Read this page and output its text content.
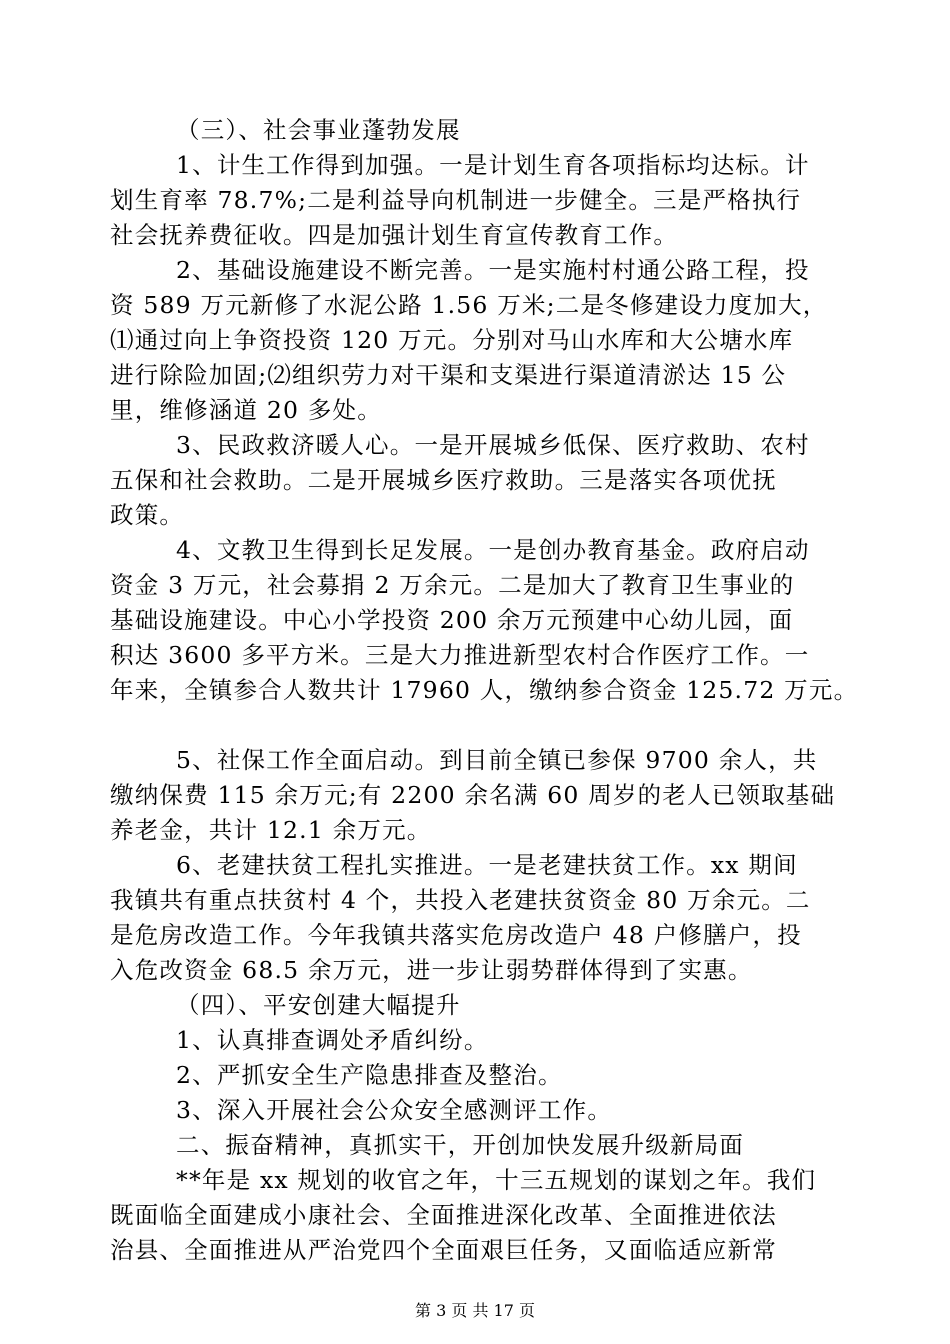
（三）、社会事业蓬勃发展
1、计生工作得到加强。一是计划生育各项指标均达标。计
划生育率 78.7%;二是利益导向机制进一步健全。三是严格执行
社会抚养费征收。四是加强计划生育宣传教育工作。
2、基础设施建设不断完善。一是实施村村通公路工程，投
资 589 万元新修了水泥公路 1.56 万米;二是冬修建设力度加大，
⑴通过向上争资投资 120 万元。分别对马山水库和大公塘水库
进行除险加固;⑵组织劳力对干渠和支渠进行渠道清淤达 15 公
里，维修涵道 20 多处。
3、民政救济暖人心。一是开展城乡低保、医疗救助、农村
五保和社会救助。二是开展城乡医疗救助。三是落实各项优抚
政策。
4、文教卫生得到长足发展。一是创办教育基金。政府启动
资金 3 万元，社会募捐 2 万余元。二是加大了教育卫生事业的
基础设施建设。中心小学投资 200 余万元预建中心幼儿园，面
积达 3600 多平方米。三是大力推进新型农村合作医疗工作。一
年来，全镇参合人数共计 17960 人，缴纳参合资金 125.72 万元。
5、社保工作全面启动。到目前全镇已参保 9700 余人，共
缴纳保费 115 余万元;有 2200 余名满 60 周岁的老人已领取基础
养老金，共计 12.1 余万元。
6、老建扶贫工程扎实推进。一是老建扶贫工作。xx 期间
我镇共有重点扶贫村 4 个，共投入老建扶贫资金 80 万余元。二
是危房改造工作。今年我镇共落实危房改造户 48 户修膳户，投
入危改资金 68.5 余万元，进一步让弱势群体得到了实惠。
（四）、平安创建大幅提升
1、认真排查调处矛盾纠纷。
2、严抓安全生产隐患排查及整治。
3、深入开展社会公众安全感测评工作。
二、振奋精神，真抓实干，开创加快发展升级新局面
**年是 xx 规划的收官之年，十三五规划的谋划之年。我们
既面临全面建成小康社会、全面推进深化改革、全面推进依法
治县、全面推进从严治党四个全面艰巨任务，又面临适应新常
第 3 页 共 17 页
